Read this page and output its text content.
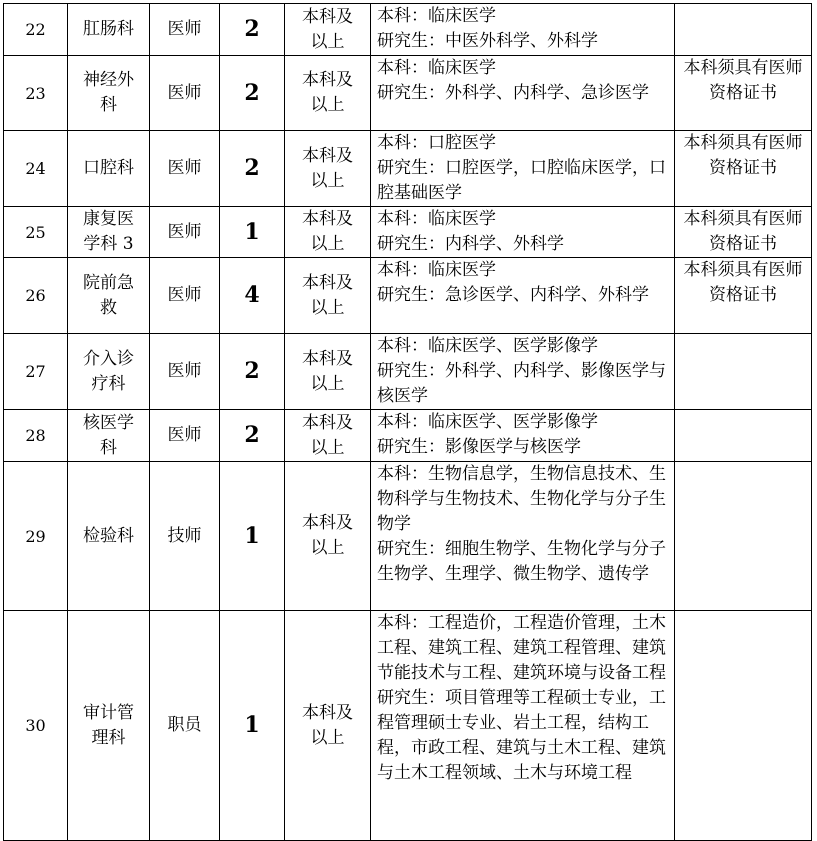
22	肛肠科	医师	2	本科及以上	本科：临床医学
研究生：中医外科学、外科学	

23	神经外科	医师	2	本科及以上	本科：临床医学
研究生：外科学、内科学、急诊医学	本科须具有医师资格证书
24	口腔科	医师	2	本科及以上	本科：口腔医学
研究生：口腔医学，口腔临床医学，口腔基础医学	本科须具有医师资格证书
25	康复医学科 3	医师	1	本科及以上	本科：临床医学
研究生：内科学、外科学	本科须具有医师资格证书
26	院前急救	医师	4	本科及以上	本科：临床医学
研究生：急诊医学、内科学、外科学	本科须具有医师资格证书
27	介入诊疗科	医师	2	本科及以上	本科：临床医学、医学影像学
研究生：外科学、内科学、影像医学与核医学	

28	核医学科	医师	2	本科及以上	本科：临床医学、医学影像学
研究生：影像医学与核医学	

29	检验科	技师	1	本科及以上	本科：生物信息学，生物信息技术、生物科学与生物技术、生物化学与分子生物学
研究生：细胞生物学、生物化学与分子生物学、生理学、微生物学、遗传学	

30	审计管理科	职员	1	本科及以上	本科：工程造价，工程造价管理，土木工程、建筑工程、建筑工程管理、建筑节能技术与工程、建筑环境与设备工程
研究生：项目管理等工程硕士专业，工程管理硕士专业、岩土工程，结构工程，市政工程、建筑与土木工程、建筑与土木工程领域、土木与环境工程	
